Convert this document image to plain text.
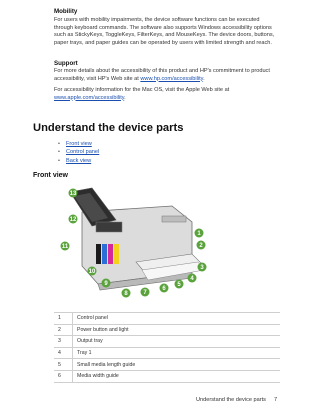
Mobility

For users with mobility impairments, the device software functions can be executed through keyboard commands. The software also supports Windows accessibility options such as StickyKeys, ToggleKeys, FilterKeys, and MouseKeys. The device doors, buttons, paper trays, and paper guides can be operated by users with limited strength and reach.

Support

For more details about the accessibility of this product and HP's commitment to product accessibility, visit HP's Web site at www.hp.com/accessibility.

For accessibility information for the Mac OS, visit the Apple Web site at www.apple.com/accessibility.

Understand the device parts
• Front view
• Control panel
• Back view
Front view
13
12
11
10
9
8	7
6
5
4
3
2
1
1	Control panel
2	Power button and light
3	Output tray
4	Tray 1
5	Small media length guide
6	Media width guide
Understand the device parts 7
